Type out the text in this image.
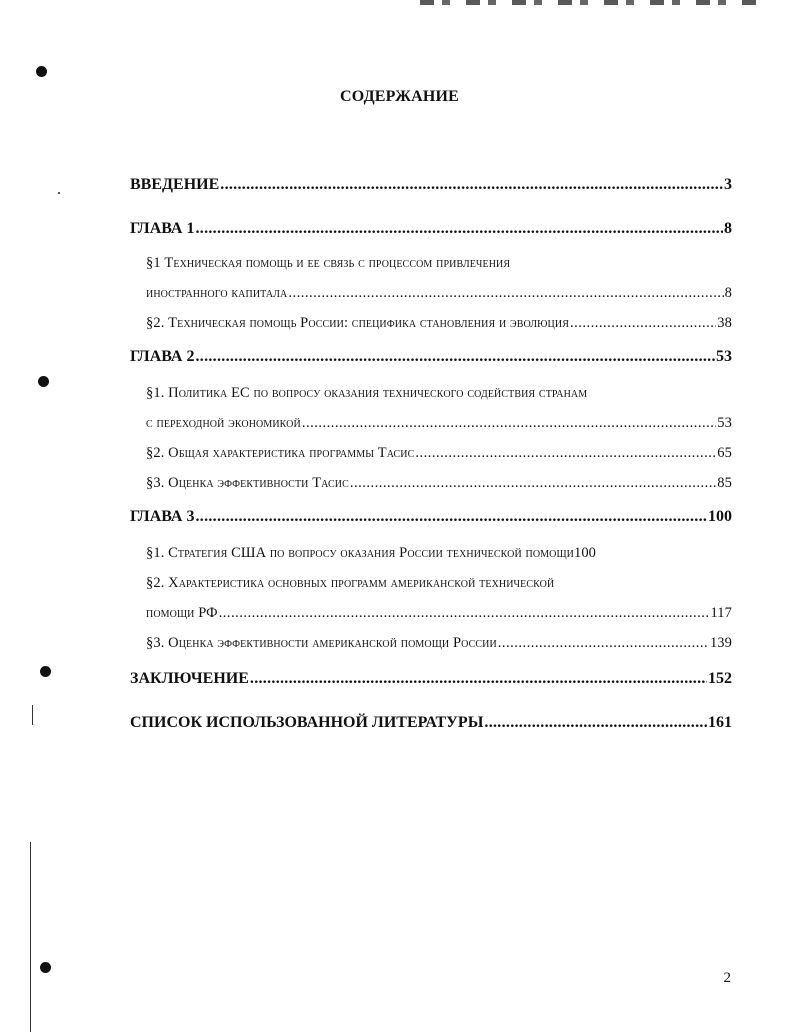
СОДЕРЖАНИЕ
ВВЕДЕНИЕ .....	3
ГЛАВА 1 .....	8
§1 Техническая помощь и ее связь с процессом привлечения
иностранного капитала .....	8
§2. Техническая помощь России: специфика становления и эволюция .....	38
ГЛАВА 2 .....	53
§1. Политика ЕС по вопросу оказания технического содействия странам
с переходной экономикой .....	53
§2. Общая характеристика программы Тасис .....	65
§3. Оценка эффективности Тасис .....	85
ГЛАВА 3 .....	100
§1. Стратегия США по вопросу оказания России технической помощи 100
§2. Характеристика основных программ американской технической
помощи РФ .....	117
§3. Оценка эффективности американской помощи России .....	139
ЗАКЛЮЧЕНИЕ .....	152
СПИСОК ИСПОЛЬЗОВАННОЙ ЛИТЕРАТУРЫ .....	161
2
